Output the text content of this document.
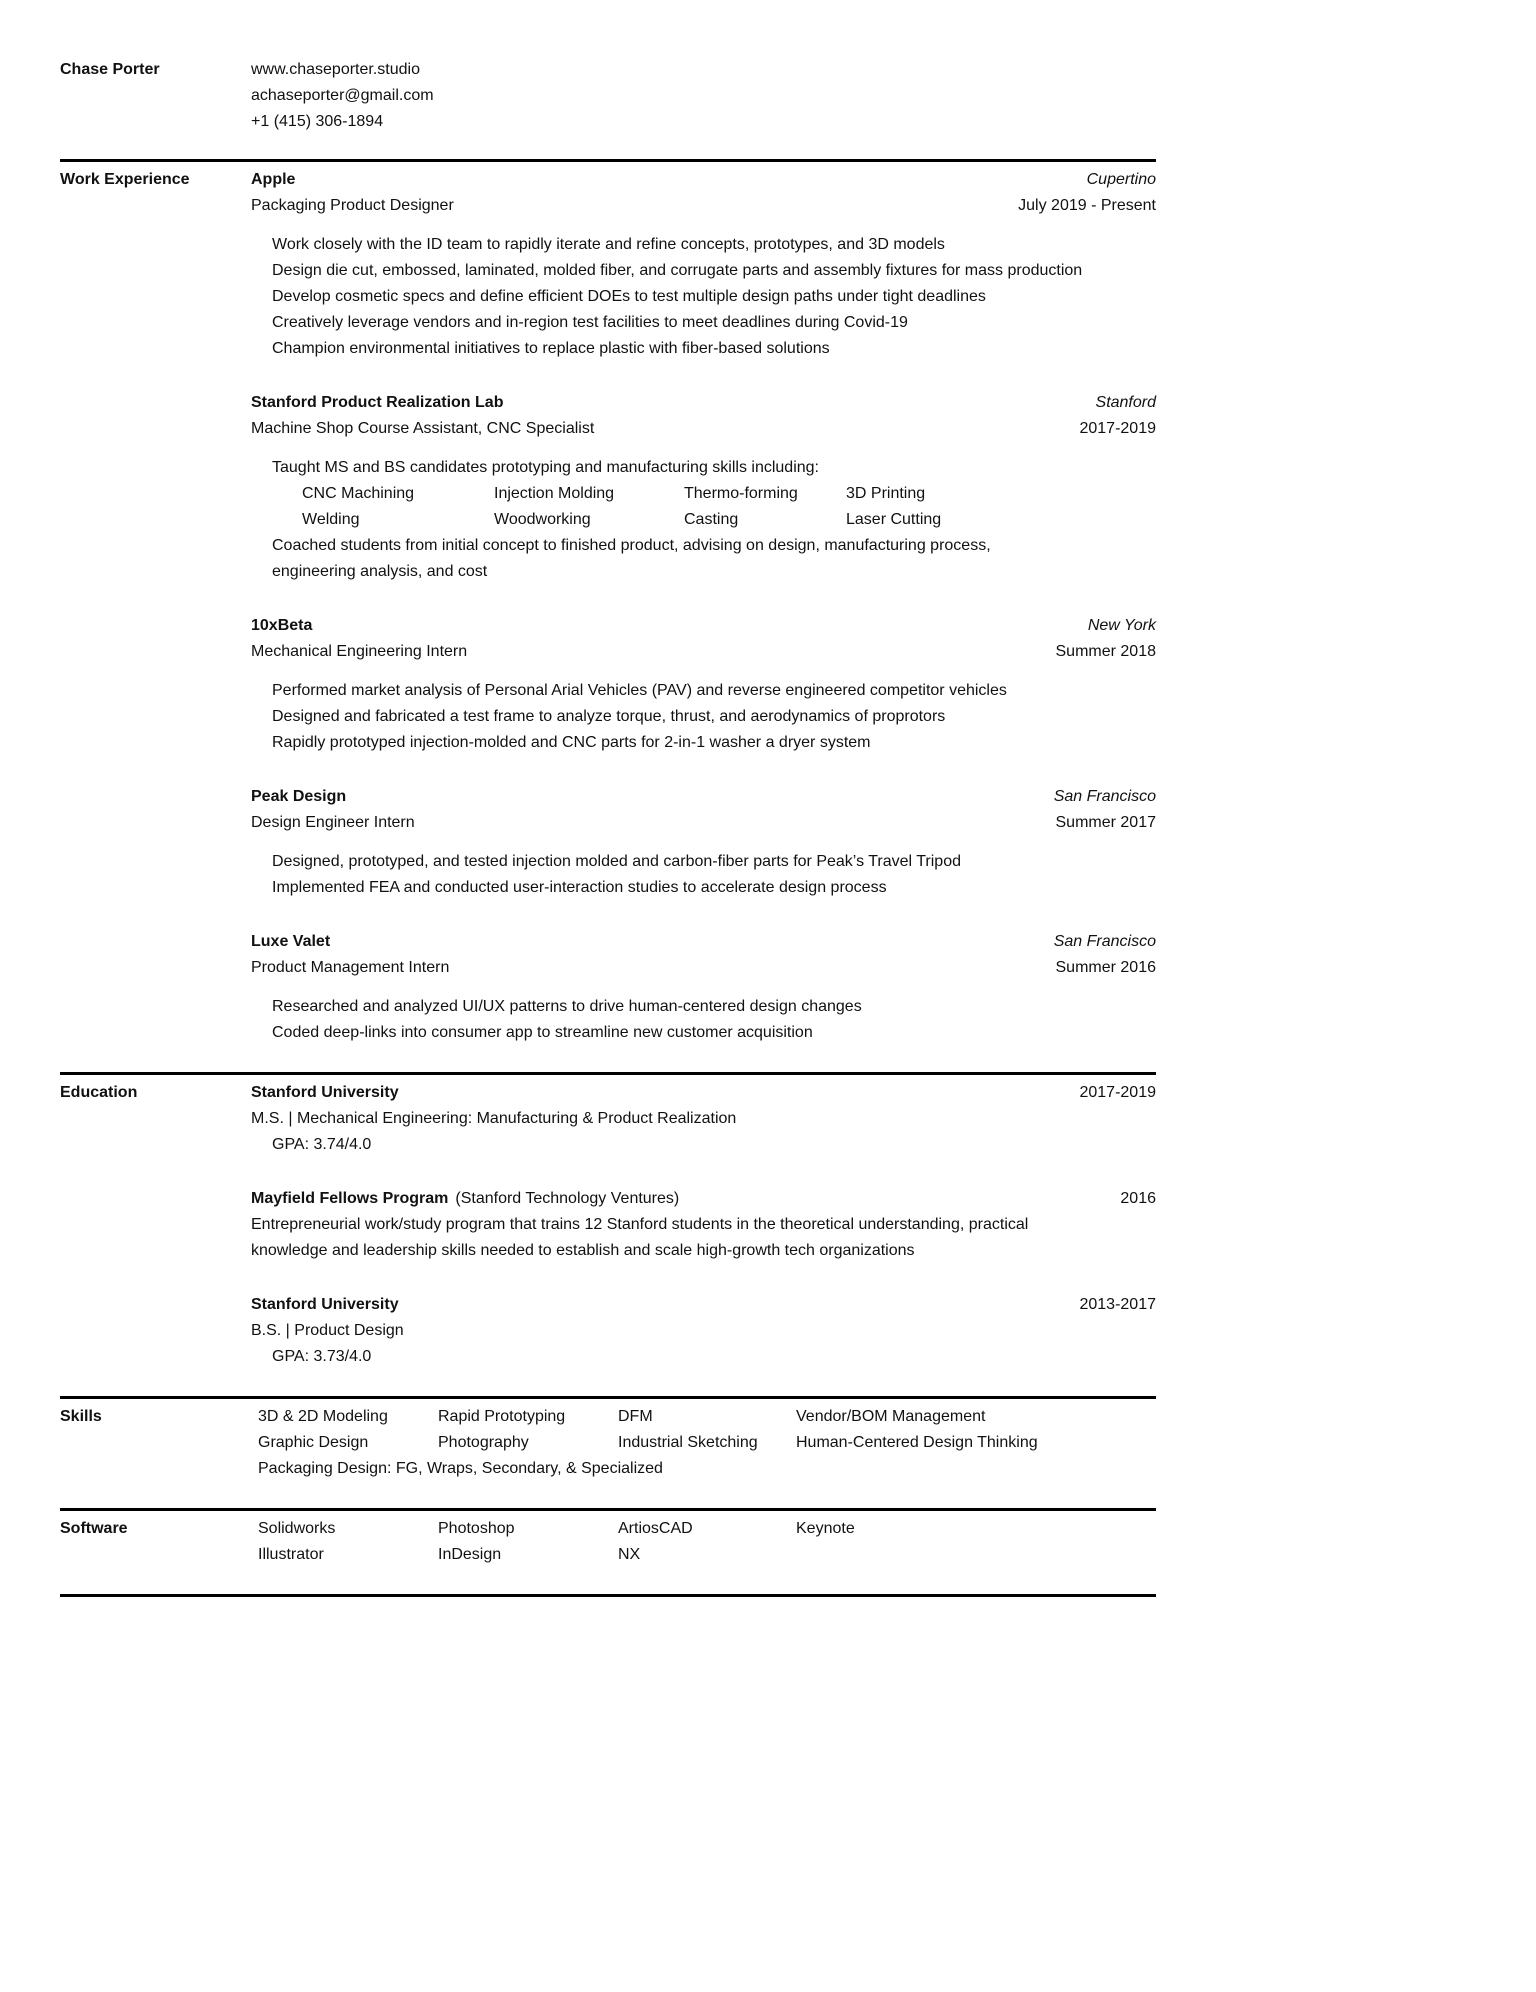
Chase Porter	www.chaseporter.studio
achaseporter@gmail.com
+1 (415) 306-1894
Work Experience	Apple	Cupertino
Packaging Product Designer	July 2019 - Present
Work closely with the ID team to rapidly iterate and refine concepts, prototypes, and 3D models
Design die cut, embossed, laminated, molded fiber, and corrugate parts and assembly fixtures for mass production
Develop cosmetic specs and define efficient DOEs to test multiple design paths under tight deadlines
Creatively leverage vendors and in-region test facilities to meet deadlines during Covid-19
Champion environmental initiatives to replace plastic with fiber-based solutions
Stanford Product Realization Lab	Stanford
Machine Shop Course Assistant, CNC Specialist	2017-2019
Taught MS and BS candidates prototyping and manufacturing skills including:
CNC Machining	Injection Molding	Thermo-forming	3D Printing
Welding	Woodworking	Casting	Laser Cutting
Coached students from initial concept to finished product, advising on design, manufacturing process, engineering analysis, and cost
10xBeta	New York
Mechanical Engineering Intern	Summer 2018
Performed market analysis of Personal Arial Vehicles (PAV) and reverse engineered competitor vehicles
Designed and fabricated a test frame to analyze torque, thrust, and aerodynamics of proprotors
Rapidly prototyped injection-molded and CNC parts for 2-in-1 washer a dryer system
Peak Design	San Francisco
Design Engineer Intern	Summer 2017
Designed, prototyped, and tested injection molded and carbon-fiber parts for Peak’s Travel Tripod
Implemented FEA and conducted user-interaction studies to accelerate design process
Luxe Valet	San Francisco
Product Management Intern	Summer 2016
Researched and analyzed UI/UX patterns to drive human-centered design changes
Coded deep-links into consumer app to streamline new customer acquisition
Education	Stanford University	2017-2019
M.S. | Mechanical Engineering: Manufacturing & Product Realization
GPA: 3.74/4.0
Mayfield Fellows Program (Stanford Technology Ventures)	2016
Entrepreneurial work/study program that trains 12 Stanford students in the theoretical understanding, practical knowledge and leadership skills needed to establish and scale high-growth tech organizations
Stanford University	2013-2017
B.S. | Product Design
GPA: 3.73/4.0
Skills	3D & 2D Modeling	Rapid Prototyping	DFM	Vendor/BOM Management
Graphic Design	Photography	Industrial Sketching	Human-Centered Design Thinking
Packaging Design: FG, Wraps, Secondary, & Specialized
Software	Solidworks	Photoshop	ArtiosCAD	Keynote
Illustrator	InDesign	NX
